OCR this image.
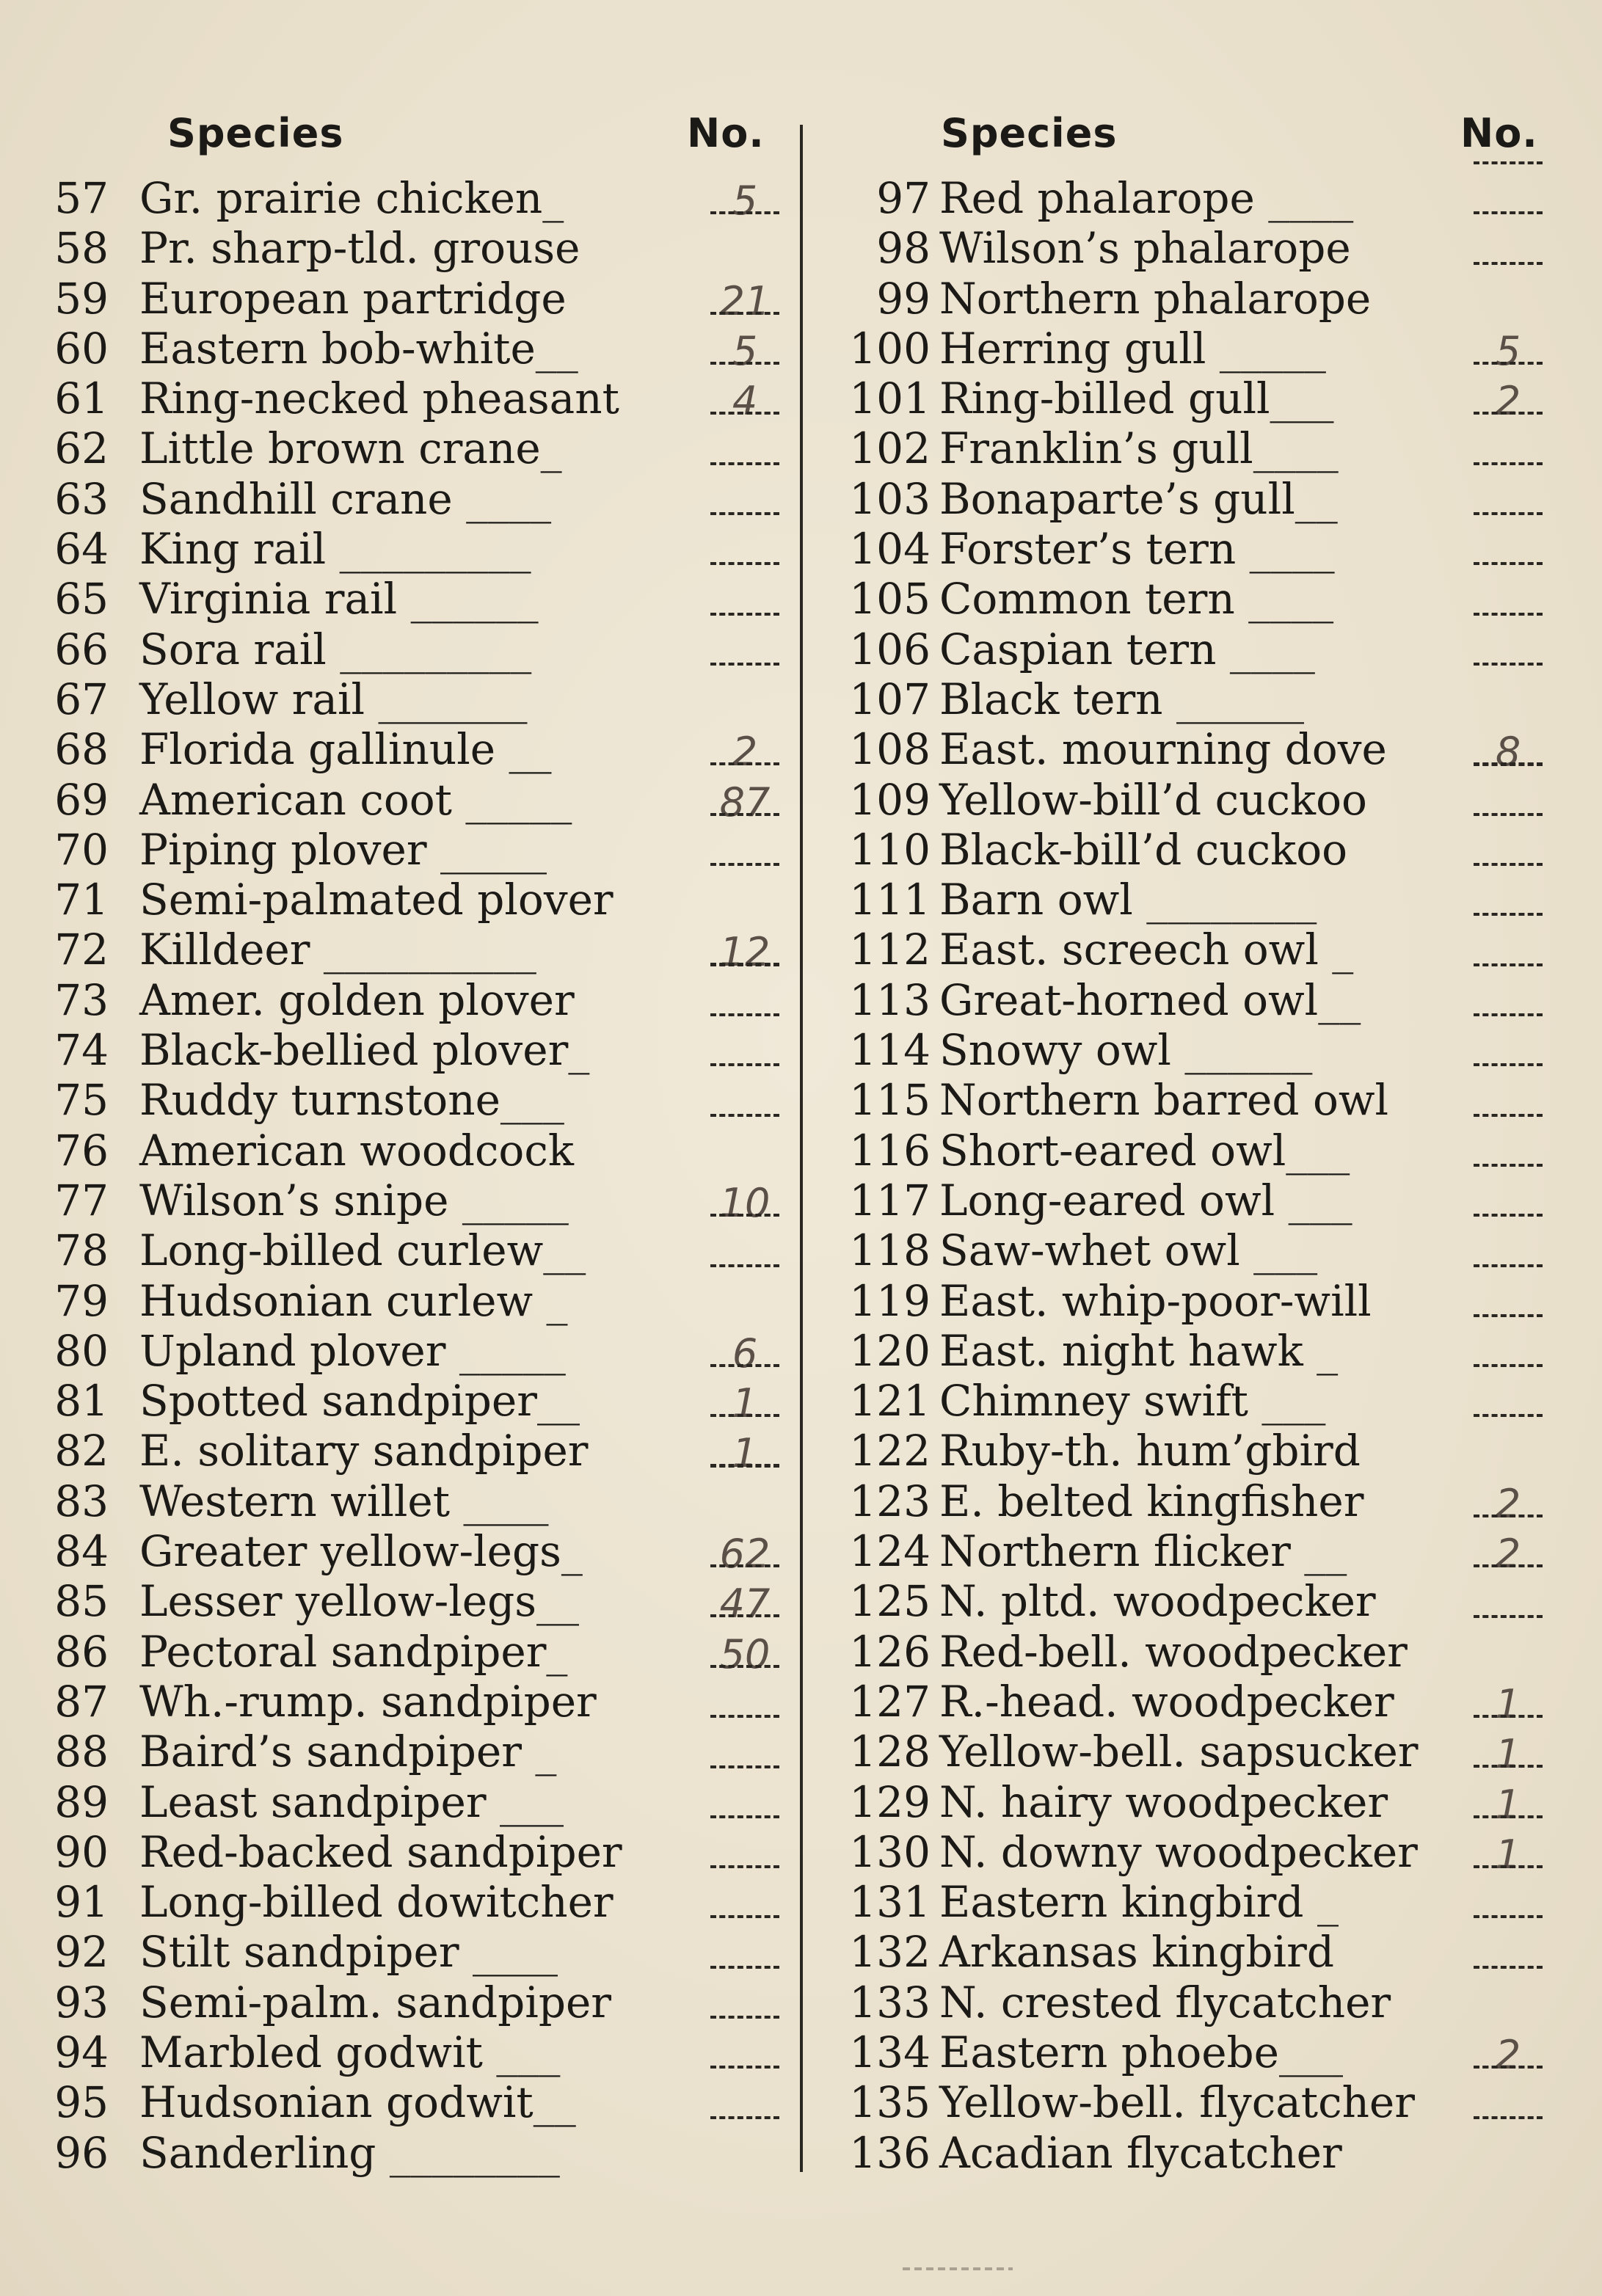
Species	No.
57 Gr. prairie chicken_	5
58 Pr. sharp-tld. grouse
59 European partridge	21
60 Eastern bob-white__	5
61 Ring-necked pheasant	4
62 Little brown crane_
63 Sandhill crane ____
64 King rail _________
65 Virginia rail ______
66 Sora rail _________
67 Yellow rail _______
68 Florida gallinule __	2
69 American coot _____	87
70 Piping plover _____
71 Semi-palmated plover
72 Killdeer __________	12
73 Amer. golden plover
74 Black-bellied plover_
75 Ruddy turnstone___
76 American woodcock
77 Wilson’s snipe _____	10
78 Long-billed curlew__
79 Hudsonian curlew _
80 Upland plover _____	6
81 Spotted sandpiper__	1
82 E. solitary sandpiper	1
83 Western willet ____
84 Greater yellow-legs_	62
85 Lesser yellow-legs__	47
86 Pectoral sandpiper_	50
87 Wh.-rump. sandpiper
88 Baird’s sandpiper _
89 Least sandpiper ___
90 Red-backed sandpiper
91 Long-billed dowitcher
92 Stilt sandpiper ____
93 Semi-palm. sandpiper
94 Marbled godwit ___
95 Hudsonian godwit__
96 Sanderling ________
Species	No.
97 Red phalarope ____
98 Wilson’s phalarope
99 Northern phalarope
100 Herring gull _____	5
101 Ring-billed gull___	2
102 Franklin’s gull____
103 Bonaparte’s gull__
104 Forster’s tern ____
105 Common tern ____
106 Caspian tern ____
107 Black tern ______
108 East. mourning dove	8
109 Yellow-bill’d cuckoo
110 Black-bill’d cuckoo
111 Barn owl ________
112 East. screech owl _
113 Great-horned owl__
114 Snowy owl ______
115 Northern barred owl
116 Short-eared owl___
117 Long-eared owl ___
118 Saw-whet owl ___
119 East. whip-poor-will
120 East. night hawk _
121 Chimney swift ___
122 Ruby-th. hum’gbird
123 E. belted kingfisher	2
124 Northern flicker __	2
125 N. pltd. woodpecker
126 Red-bell. woodpecker
127 R.-head. woodpecker	1
128 Yellow-bell. sapsucker	1
129 N. hairy woodpecker	1
130 N. downy woodpecker	1
131 Eastern kingbird _
132 Arkansas kingbird
133 N. crested flycatcher
134 Eastern phoebe___	2
135 Yellow-bell. flycatcher
136 Acadian flycatcher
